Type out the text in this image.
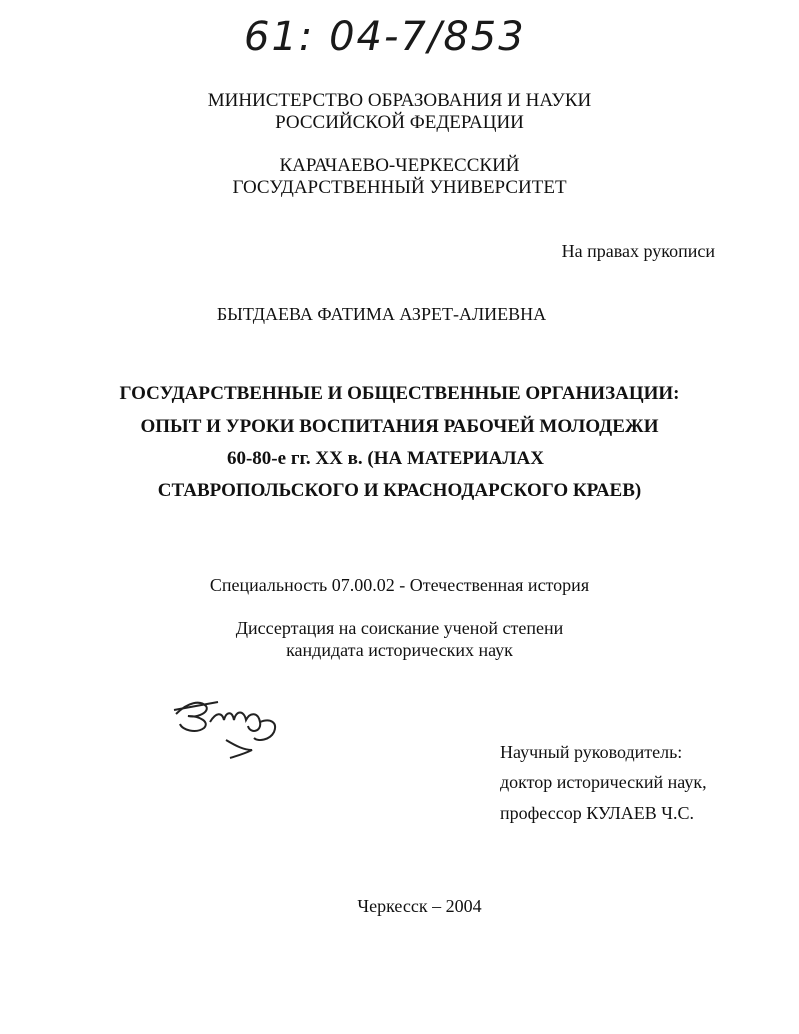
61: 04-7/853
МИНИСТЕРСТВО ОБРАЗОВАНИЯ И НАУКИ
РОССИЙСКОЙ ФЕДЕРАЦИИ
КАРАЧАЕВО-ЧЕРКЕССКИЙ
ГОСУДАРСТВЕННЫЙ УНИВЕРСИТЕТ
На правах рукописи
БЫТДАЕВА ФАТИМА АЗРЕТ-АЛИЕВНА
ГОСУДАРСТВЕННЫЕ И ОБЩЕСТВЕННЫЕ ОРГАНИЗАЦИИ:
ОПЫТ И УРОКИ ВОСПИТАНИЯ РАБОЧЕЙ МОЛОДЕЖИ
60-80-е гг. ХХ в. (НА МАТЕРИАЛАХ
СТАВРОПОЛЬСКОГО И КРАСНОДАРСКОГО КРАЕВ)
Специальность 07.00.02 - Отечественная история
Диссертация на соискание ученой степени
кандидата исторических наук
Научный руководитель:
доктор исторический наук,
профессор КУЛАЕВ Ч.С.
Черкесск – 2004
